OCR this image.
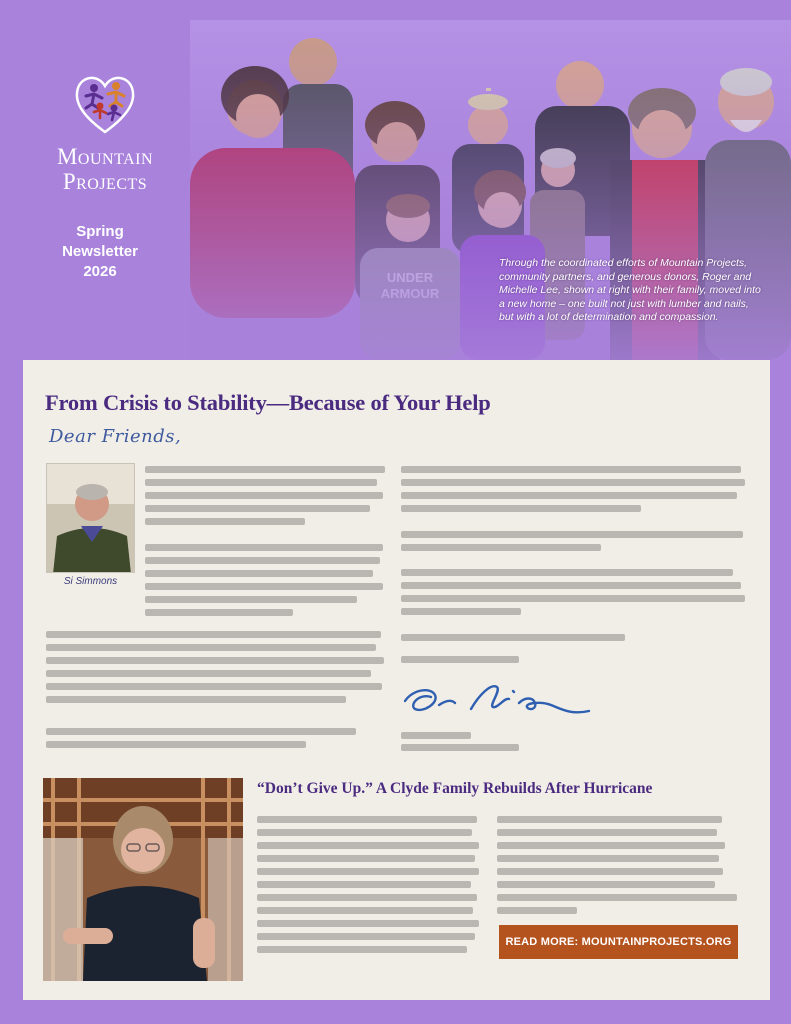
Mountain
Projects
Spring
Newsletter
2026	Through the coordinated efforts of Mountain Projects, community partners, and generous donors, Roger and Michelle Lee, shown at right with their family, moved into a new home – one built not just with lumber and nails, but with a lot of determination and compassion.
From Crisis to Stability—Because of Your Help
Dear Friends,
Si Simmons
“Don’t Give Up.” A Clyde Family Rebuilds After Hurricane
READ MORE: MOUNTAINPROJECTS.ORG
